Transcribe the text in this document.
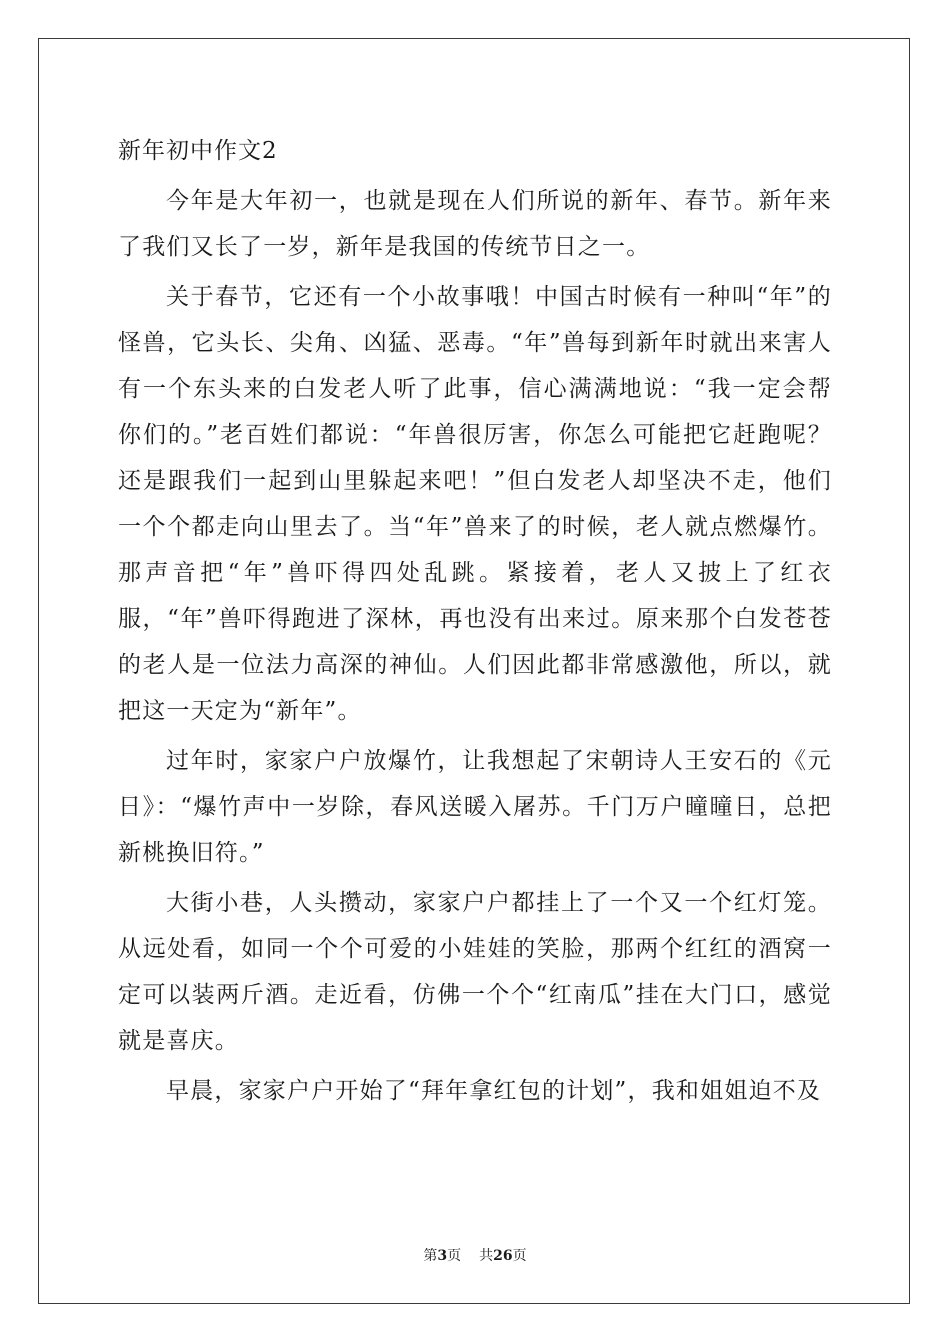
新年初中作文2

今年是大年初一，也就是现在人们所说的新年、春节。新年来了我们又长了一岁，新年是我国的传统节日之一。

关于春节，它还有一个小故事哦！中国古时候有一种叫“年”的怪兽，它头长、尖角、凶猛、恶毒。“年”兽每到新年时就出来害人有一个东头来的白发老人听了此事，信心满满地说：“我一定会帮你们的。”老百姓们都说：“年兽很厉害，你怎么可能把它赶跑呢？还是跟我们一起到山里躲起来吧！”但白发老人却坚决不走，他们一个个都走向山里去了。当“年”兽来了的时候，老人就点燃爆竹。那声音把“年”兽吓得四处乱跳。紧接着，老人又披上了红衣服，“年”兽吓得跑进了深林，再也没有出来过。原来那个白发苍苍的老人是一位法力高深的神仙。人们因此都非常感激他，所以，就把这一天定为“新年”。

过年时，家家户户放爆竹，让我想起了宋朝诗人王安石的《元日》：“爆竹声中一岁除，春风送暖入屠苏。千门万户曈曈日，总把新桃换旧符。”

大街小巷，人头攒动，家家户户都挂上了一个又一个红灯笼。从远处看，如同一个个可爱的小娃娃的笑脸，那两个红红的酒窝一定可以装两斤酒。走近看，仿佛一个个“红南瓜”挂在大门口，感觉就是喜庆。

早晨，家家户户开始了“拜年拿红包的计划”，我和姐姐迫不及

第3页 共26页
